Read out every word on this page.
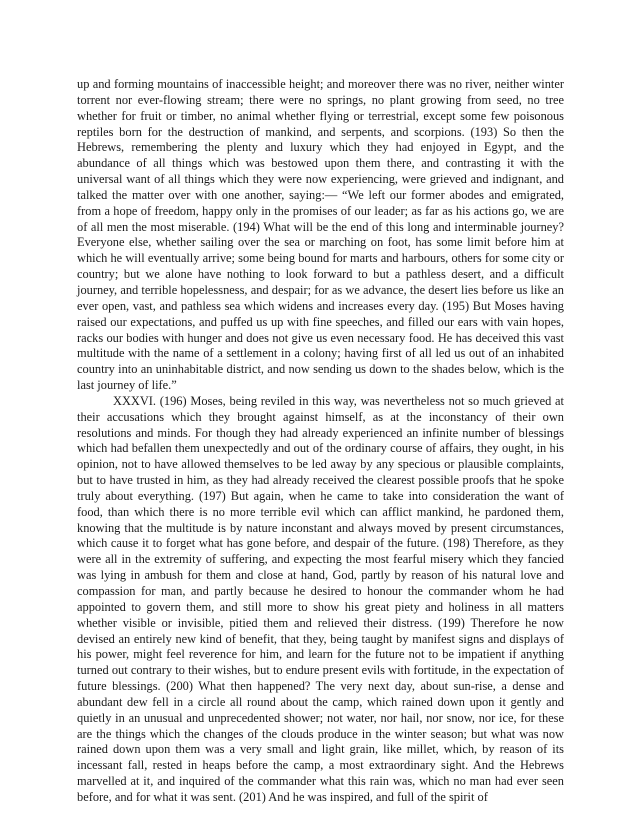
up and forming mountains of inaccessible height; and moreover there was no river, neither winter torrent nor ever-flowing stream; there were no springs, no plant growing from seed, no tree whether for fruit or timber, no animal whether flying or terrestrial, except some few poisonous reptiles born for the destruction of mankind, and serpents, and scorpions. (193) So then the Hebrews, remembering the plenty and luxury which they had enjoyed in Egypt, and the abundance of all things which was bestowed upon them there, and contrasting it with the universal want of all things which they were now experiencing, were grieved and indignant, and talked the matter over with one another, saying:— “We left our former abodes and emigrated, from a hope of freedom, happy only in the promises of our leader; as far as his actions go, we are of all men the most miserable. (194) What will be the end of this long and interminable journey? Everyone else, whether sailing over the sea or marching on foot, has some limit before him at which he will eventually arrive; some being bound for marts and harbours, others for some city or country; but we alone have nothing to look forward to but a pathless desert, and a difficult journey, and terrible hopelessness, and despair; for as we advance, the desert lies before us like an ever open, vast, and pathless sea which widens and increases every day. (195) But Moses having raised our expectations, and puffed us up with fine speeches, and filled our ears with vain hopes, racks our bodies with hunger and does not give us even necessary food. He has deceived this vast multitude with the name of a settlement in a colony; having first of all led us out of an inhabited country into an uninhabitable district, and now sending us down to the shades below, which is the last journey of life.”

XXXVI. (196) Moses, being reviled in this way, was nevertheless not so much grieved at their accusations which they brought against himself, as at the inconstancy of their own resolutions and minds. For though they had already experienced an infinite number of blessings which had befallen them unexpectedly and out of the ordinary course of affairs, they ought, in his opinion, not to have allowed themselves to be led away by any specious or plausible complaints, but to have trusted in him, as they had already received the clearest possible proofs that he spoke truly about everything. (197) But again, when he came to take into consideration the want of food, than which there is no more terrible evil which can afflict mankind, he pardoned them, knowing that the multitude is by nature inconstant and always moved by present circumstances, which cause it to forget what has gone before, and despair of the future. (198) Therefore, as they were all in the extremity of suffering, and expecting the most fearful misery which they fancied was lying in ambush for them and close at hand, God, partly by reason of his natural love and compassion for man, and partly because he desired to honour the commander whom he had appointed to govern them, and still more to show his great piety and holiness in all matters whether visible or invisible, pitied them and relieved their distress. (199) Therefore he now devised an entirely new kind of benefit, that they, being taught by manifest signs and displays of his power, might feel reverence for him, and learn for the future not to be impatient if anything turned out contrary to their wishes, but to endure present evils with fortitude, in the expectation of future blessings. (200) What then happened? The very next day, about sun-rise, a dense and abundant dew fell in a circle all round about the camp, which rained down upon it gently and quietly in an unusual and unprecedented shower; not water, nor hail, nor snow, nor ice, for these are the things which the changes of the clouds produce in the winter season; but what was now rained down upon them was a very small and light grain, like millet, which, by reason of its incessant fall, rested in heaps before the camp, a most extraordinary sight. And the Hebrews marvelled at it, and inquired of the commander what this rain was, which no man had ever seen before, and for what it was sent. (201) And he was inspired, and full of the spirit of
